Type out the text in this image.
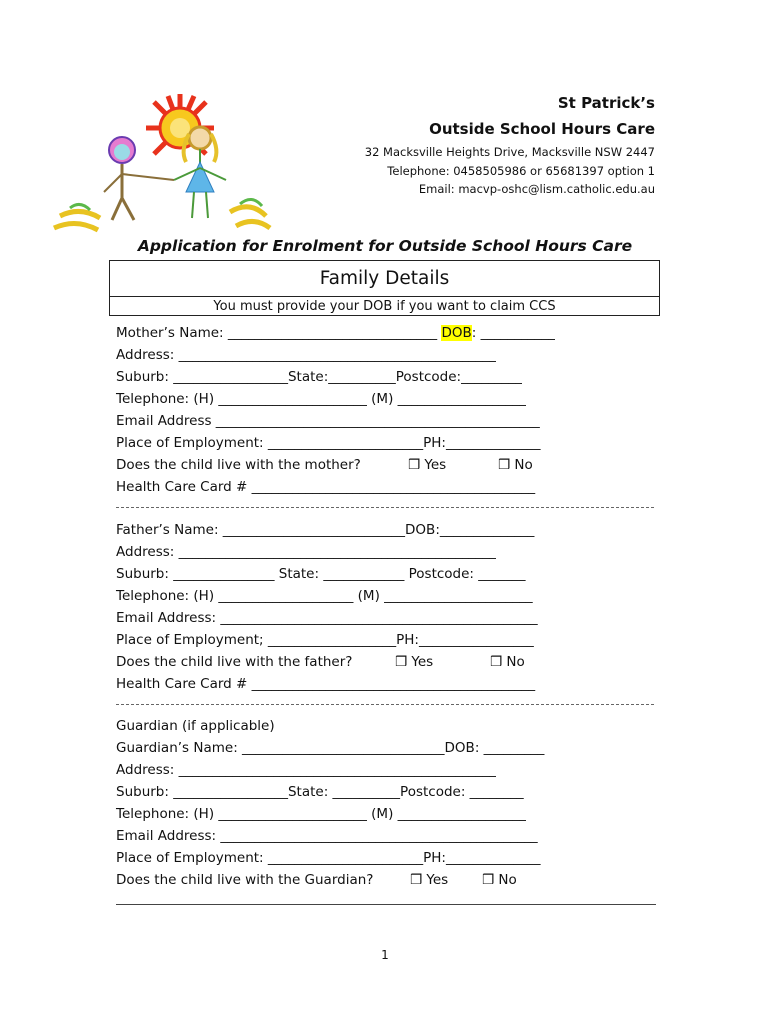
St Patrick’s
Outside School Hours Care
32 Macksville Heights Drive, Macksville NSW 2447
Telephone: 0458505986 or 65681397 option 1
Email: macvp-oshc@lism.catholic.edu.au
Application for Enrolment for Outside School Hours Care
Family Details
You must provide your DOB if you want to claim CCS
Mother’s Name: _______________________________ DOB: ___________
Address: _______________________________________________
Suburb: _________________State:__________Postcode:_________
Telephone: (H) ______________________ (M) ___________________
Email Address ________________________________________________
Place of Employment: _______________________PH:______________
Does the child live with the mother?	❒ Yes	❒ No
Health Care Card # __________________________________________
Father’s Name: ___________________________DOB:______________
Address: _______________________________________________
Suburb: _______________ State: ____________ Postcode: _______
Telephone: (H) ____________________ (M) ______________________
Email Address: _______________________________________________
Place of Employment; ___________________PH:_________________
Does the child live with the father?	❒ Yes	❒ No
Health Care Card # __________________________________________
Guardian (if applicable)
Guardian’s Name: ______________________________DOB: _________
Address: _______________________________________________
Suburb: _________________State: __________Postcode: ________
Telephone: (H) ______________________ (M) ___________________
Email Address: _______________________________________________
Place of Employment: _______________________PH:______________
Does the child live with the Guardian?	❒ Yes	❒ No
1
